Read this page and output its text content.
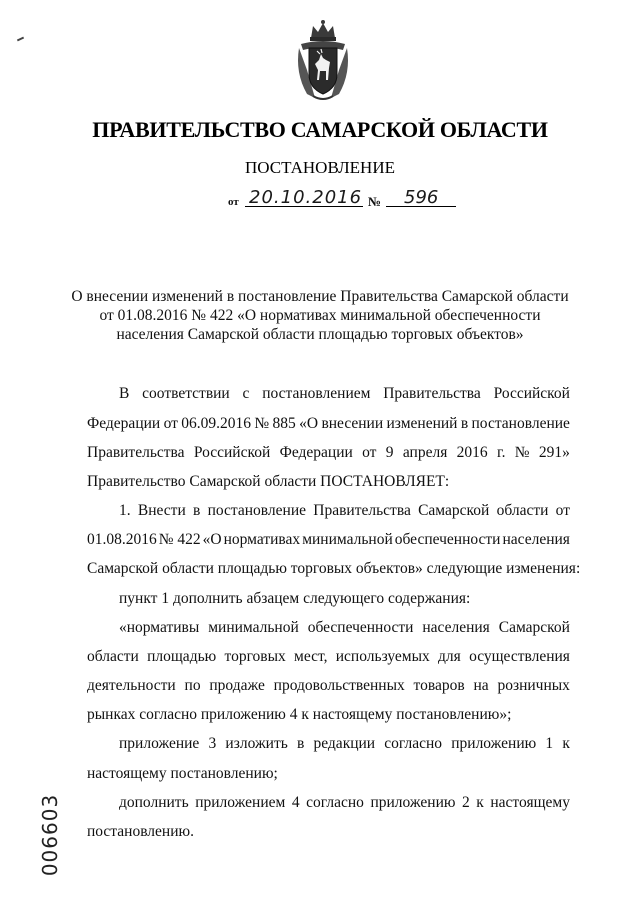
ПРАВИТЕЛЬСТВО САМАРСКОЙ ОБЛАСТИ
ПОСТАНОВЛЕНИЕ
от 20.10.2016 №	596
О внесении изменений в постановление Правительства Самарской области
от 01.08.2016 № 422 «О нормативах минимальной обеспеченности
населения Самарской области площадью торговых объектов»
В соответствии с постановлением Правительства Российской
Федерации от 06.09.2016 № 885 «О внесении изменений в постановление
Правительства Российской Федерации от 9 апреля 2016 г. № 291»
Правительство Самарской области ПОСТАНОВЛЯЕТ:
1. Внести в постановление Правительства Самарской области от
01.08.2016 № 422 «О нормативах минимальной обеспеченности населения
Самарской области площадью торговых объектов» следующие изменения:
пункт 1 дополнить абзацем следующего содержания:
«нормативы минимальной обеспеченности населения Самарской
области площадью торговых мест, используемых для осуществления
деятельности по продаже продовольственных товаров на розничных
рынках согласно приложению 4 к настоящему постановлению»;
приложение 3 изложить в редакции согласно приложению 1 к
настоящему постановлению;
дополнить приложением 4 согласно приложению 2 к настоящему
постановлению.
006603
